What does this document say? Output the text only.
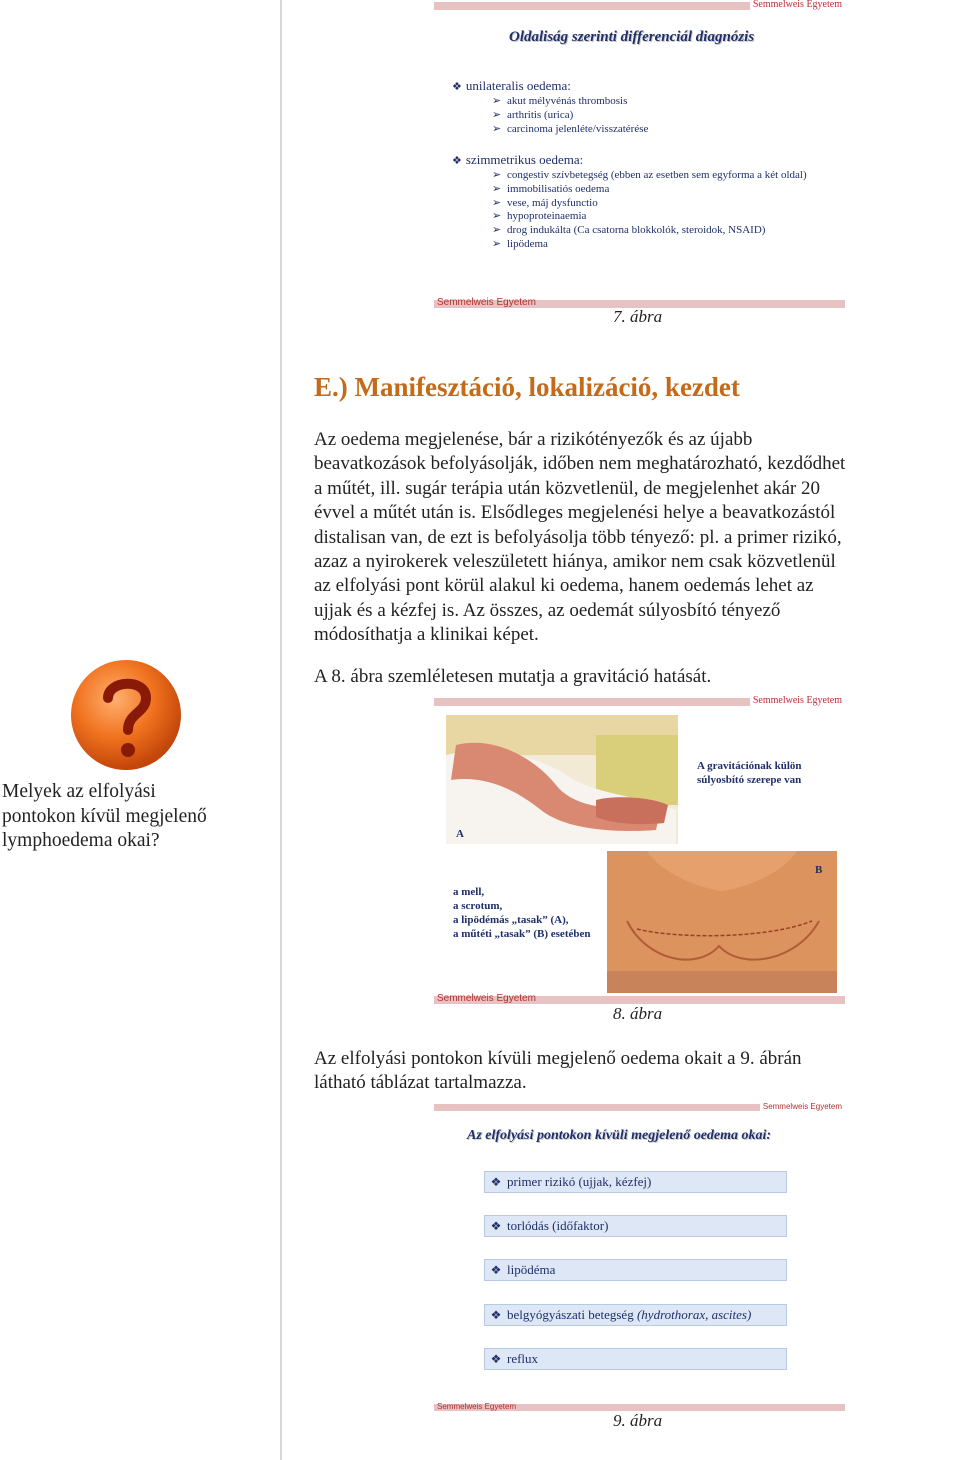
Semmelweis Egyetem
Oldaliság szerinti differenciál diagnózis
❖ unilateralis oedema:
➢ akut mélyvénás thrombosis
➢ arthritis (urica)
➢ carcinoma jelenléte/visszatérése
❖ szimmetrikus oedema:
➢ congestiv szívbetegség (ebben az esetben sem egyforma a két oldal)
➢ immobilisatiós oedema
➢ vese, máj dysfunctio
➢ hypoproteinaemia
➢ drog indukálta (Ca csatorna blokkolók, steroidok, NSAID)
➢ lipödema
Semmelweis Egyetem
7. ábra
E.) Manifesztáció, lokalizáció, kezdet
Az oedema megjelenése, bár a rizikótényezők és az újabb
beavatkozások befolyásolják, időben nem meghatározható, kezdődhet
a műtét, ill. sugár terápia után közvetlenül, de megjelenhet akár 20
évvel a műtét után is. Elsődleges megjelenési helye a beavatkozástól
distalisan van, de ezt is befolyásolja több tényező: pl. a primer rizikó,
azaz a nyirokerek veleszületett hiánya, amikor nem csak közvetlenül
az elfolyási pont körül alakul ki oedema, hanem oedemás lehet az
ujjak és a kézfej is. Az összes, az oedemát súlyosbító tényező
módosíthatja a klinikai képet.
A 8. ábra szemléletesen mutatja a gravitáció hatását.
Melyek az elfolyási
pontokon kívül megjelenő
lymphoedema okai?
Semmelweis Egyetem
A
A gravitációnak külön
súlyosbító szerepe van
a mell,
a scrotum,
a lipödémás „tasak” (A),
a műtéti „tasak” (B) esetében
B
Semmelweis Egyetem
8. ábra
Az elfolyási pontokon kívüli megjelenő oedema okait a 9. ábrán
látható táblázat tartalmazza.
Semmelweis Egyetem
Az elfolyási pontokon kívüli megjelenő oedema okai:
❖ primer rizikó (ujjak, kézfej)
❖ torlódás (időfaktor)
❖ lipödéma
❖ belgyógyászati betegség (hydrothorax, ascites)
❖ reflux
Semmelweis Egyetem
9. ábra
